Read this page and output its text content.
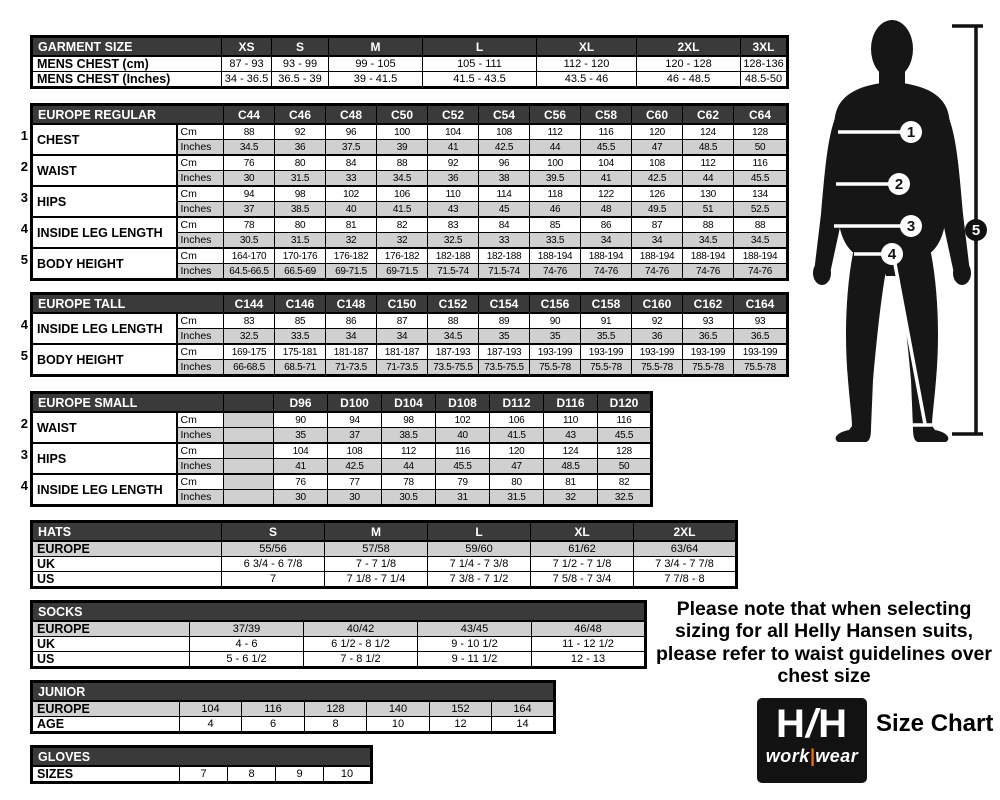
GARMENT SIZE	XS	S	M	L	XL	2XL	3XL
MENS CHEST (cm)	87 - 93	93 - 99	99 - 105	105 - 111	112 - 120	120 - 128	128-136
MENS CHEST (Inches)	34 - 36.5	36.5 - 39	39 - 41.5	41.5 - 43.5	43.5 - 46	46 - 48.5	48.5-50
1
2
3
4
5
EUROPE REGULAR		C44	C46	C48	C50	C52	C54	C56	C58	C60	C62	C64
CHEST	Cm	88	92	96	100	104	108	112	116	120	124	128
	Inches	34.5	36	37.5	39	41	42.5	44	45.5	47	48.5	50
WAIST	Cm	76	80	84	88	92	96	100	104	108	112	116
	Inches	30	31.5	33	34.5	36	38	39.5	41	42.5	44	45.5
HIPS	Cm	94	98	102	106	110	114	118	122	126	130	134
	Inches	37	38.5	40	41.5	43	45	46	48	49.5	51	52.5
INSIDE LEG LENGTH	Cm	78	80	81	82	83	84	85	86	87	88	88
	Inches	30.5	31.5	32	32	32.5	33	33.5	34	34	34.5	34.5
BODY HEIGHT	Cm	164-170	170-176	176-182	176-182	182-188	182-188	188-194	188-194	188-194	188-194	188-194
	Inches	64.5-66.5	66.5-69	69-71.5	69-71.5	71.5-74	71.5-74	74-76	74-76	74-76	74-76	74-76
4
5
EUROPE TALL		C144	C146	C148	C150	C152	C154	C156	C158	C160	C162	C164
INSIDE LEG LENGTH	Cm	83	85	86	87	88	89	90	91	92	93	93
	Inches	32.5	33.5	34	34	34.5	35	35	35.5	36	36.5	36.5
BODY HEIGHT	Cm	169-175	175-181	181-187	181-187	187-193	187-193	193-199	193-199	193-199	193-199	193-199
	Inches	66-68.5	68.5-71	71-73.5	71-73.5	73.5-75.5	73.5-75.5	75.5-78	75.5-78	75.5-78	75.5-78	75.5-78
2
3
4
EUROPE SMALL			D96	D100	D104	D108	D112	D116	D120
WAIST	Cm		90	94	98	102	106	110	116
	Inches		35	37	38.5	40	41.5	43	45.5
HIPS	Cm		104	108	112	116	120	124	128
	Inches		41	42.5	44	45.5	47	48.5	50
INSIDE LEG LENGTH	Cm		76	77	78	79	80	81	82
	Inches		30	30	30.5	31	31.5	32	32.5
HATS	S	M	L	XL	2XL
EUROPE	55/56	57/58	59/60	61/62	63/64
UK	6 3/4 - 6 7/8	7 - 7 1/8	7 1/4 - 7 3/8	7 1/2 - 7 1/8	7 3/4 - 7 7/8
US	7	7 1/8 - 7 1/4	7 3/8 - 7 1/2	7 5/8 - 7 3/4	7 7/8 - 8
SOCKS				
EUROPE	37/39	40/42	43/45	46/48
UK	4 - 6	6 1/2 - 8 1/2	9 - 10 1/2	11 - 12 1/2
US	5 - 6 1/2	7 - 8 1/2	9 - 11 1/2	12 - 13
JUNIOR						
EUROPE	104	116	128	140	152	164
AGE	4	6	8	10	12	14
GLOVES
SIZES	7	8	9	10
Please note that when selecting sizing for all Helly Hansen suits, please refer to waist guidelines over chest size
H/H
work|wear
Size Chart
1
2
3
4
5
